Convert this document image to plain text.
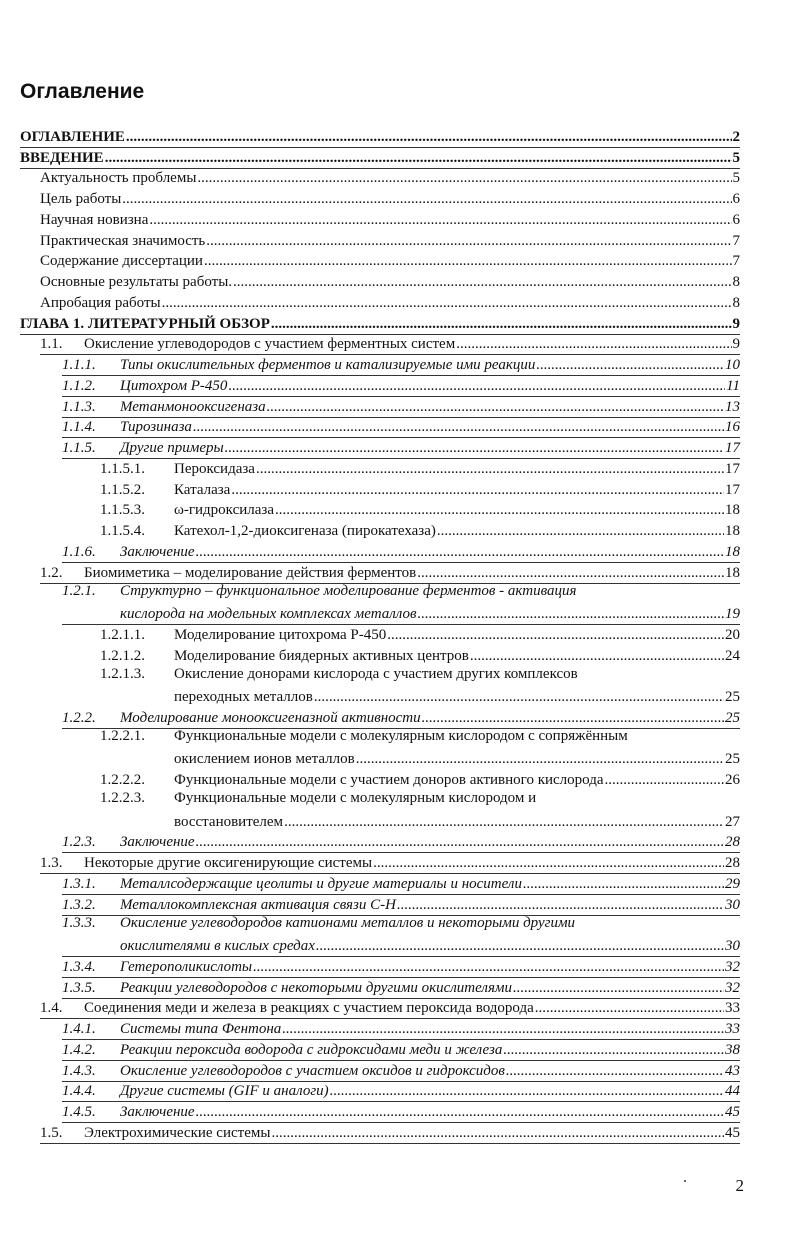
Оглавление
ОГЛАВЛЕНИЕ .....	2
ВВЕДЕНИЕ .....	5
Актуальность проблемы .....	5
Цель работы .....	6
Научная новизна .....	6
Практическая значимость .....	7
Содержание диссертации .....	7
Основные результаты работы. .....	8
Апробация работы .....	8
ГЛАВА 1. ЛИТЕРАТУРНЫЙ ОБЗОР .....	9
1.1.	Окисление углеводородов с участием ферментных систем .....	9
1.1.1.	Типы окислительных ферментов и катализируемые ими реакции .....	10
1.1.2.	Цитохром Р-450 .....	11
1.1.3.	Метанмонооксигеназа .....	13
1.1.4.	Тирозиназа .....	16
1.1.5.	Другие примеры .....	17
1.1.5.1.	Пероксидаза .....	17
1.1.5.2.	Каталаза .....	17
1.1.5.3.	ω-гидроксилаза .....	18
1.1.5.4.	Катехол-1,2-диоксигеназа (пирокатехаза) .....	18
1.1.6.	Заключение .....	18
1.2.	Биомиметика – моделирование действия ферментов .....	18
1.2.1. Структурно – функциональное моделирование ферментов - активация
кислорода на модельных комплексах металлов .....	19
1.2.1.1.	Моделирование цитохрома Р-450 .....	20
1.2.1.2.	Моделирование биядерных активных центров .....	24
1.2.1.3. Окисление донорами кислорода с участием других комплексов
переходных металлов .....	25
1.2.2.	Моделирование монооксигеназной активности .....	25
1.2.2.1. Функциональные модели с молекулярным кислородом с сопряжённым
окислением ионов металлов .....	25
1.2.2.2.	Функциональные модели с участием доноров активного кислорода .....	26
1.2.2.3. Функциональные модели с молекулярным кислородом и
восстановителем .....	27
1.2.3.	Заключение .....	28
1.3.	Некоторые другие оксигенирующие системы .....	28
1.3.1.	Металлсодержащие цеолиты и другие материалы и носители .....	29
1.3.2.	Металлокомплексная активация связи С-Н .....	30
1.3.3. Окисление углеводородов катионами металлов и некоторыми другими
окислителями в кислых средах .....	30
1.3.4.	Гетерополикислоты .....	32
1.3.5.	Реакции углеводородов с некоторыми другими окислителями .....	32
1.4.	Соединения меди и железа в реакциях с участием пероксида водорода .....	33
1.4.1.	Системы типа Фентона .....	33
1.4.2.	Реакции пероксида водорода с гидроксидами меди и железа .....	38
1.4.3.	Окисление углеводородов с участием оксидов и гидроксидов .....	43
1.4.4.	Другие системы (GIF и аналоги) .....	44
1.4.5.	Заключение .....	45
1.5.	Электрохимические системы .....	45
2
